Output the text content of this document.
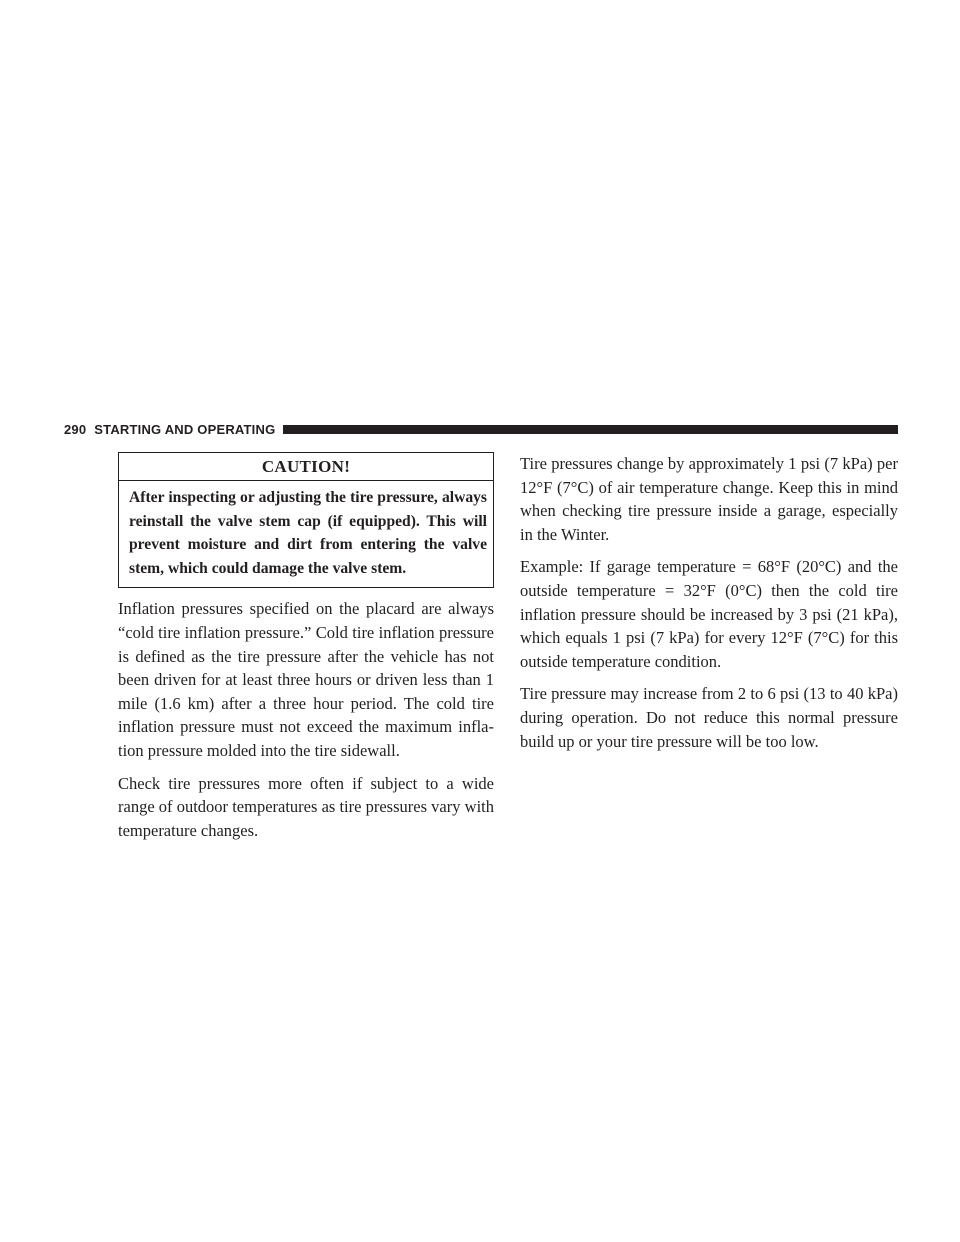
290 STARTING AND OPERATING
CAUTION!
After inspecting or adjusting the tire pressure, always reinstall the valve stem cap (if equipped). This will prevent moisture and dirt from entering the valve stem, which could damage the valve stem.

Inflation pressures specified on the placard are always “cold tire inflation pressure.” Cold tire inflation pressure is defined as the tire pressure after the vehicle has not been driven for at least three hours or driven less than 1 mile (1.6 km) after a three hour period. The cold tire inflation pressure must not exceed the maximum inflation pressure molded into the tire sidewall.

Check tire pressures more often if subject to a wide range of outdoor temperatures as tire pressures vary with temperature changes.

Tire pressures change by approximately 1 psi (7 kPa) per 12°F (7°C) of air temperature change. Keep this in mind when checking tire pressure inside a garage, especially in the Winter.

Example: If garage temperature = 68°F (20°C) and the outside temperature = 32°F (0°C) then the cold tire inflation pressure should be increased by 3 psi (21 kPa), which equals 1 psi (7 kPa) for every 12°F (7°C) for this outside temperature condition.

Tire pressure may increase from 2 to 6 psi (13 to 40 kPa) during operation. Do not reduce this normal pressure build up or your tire pressure will be too low.
